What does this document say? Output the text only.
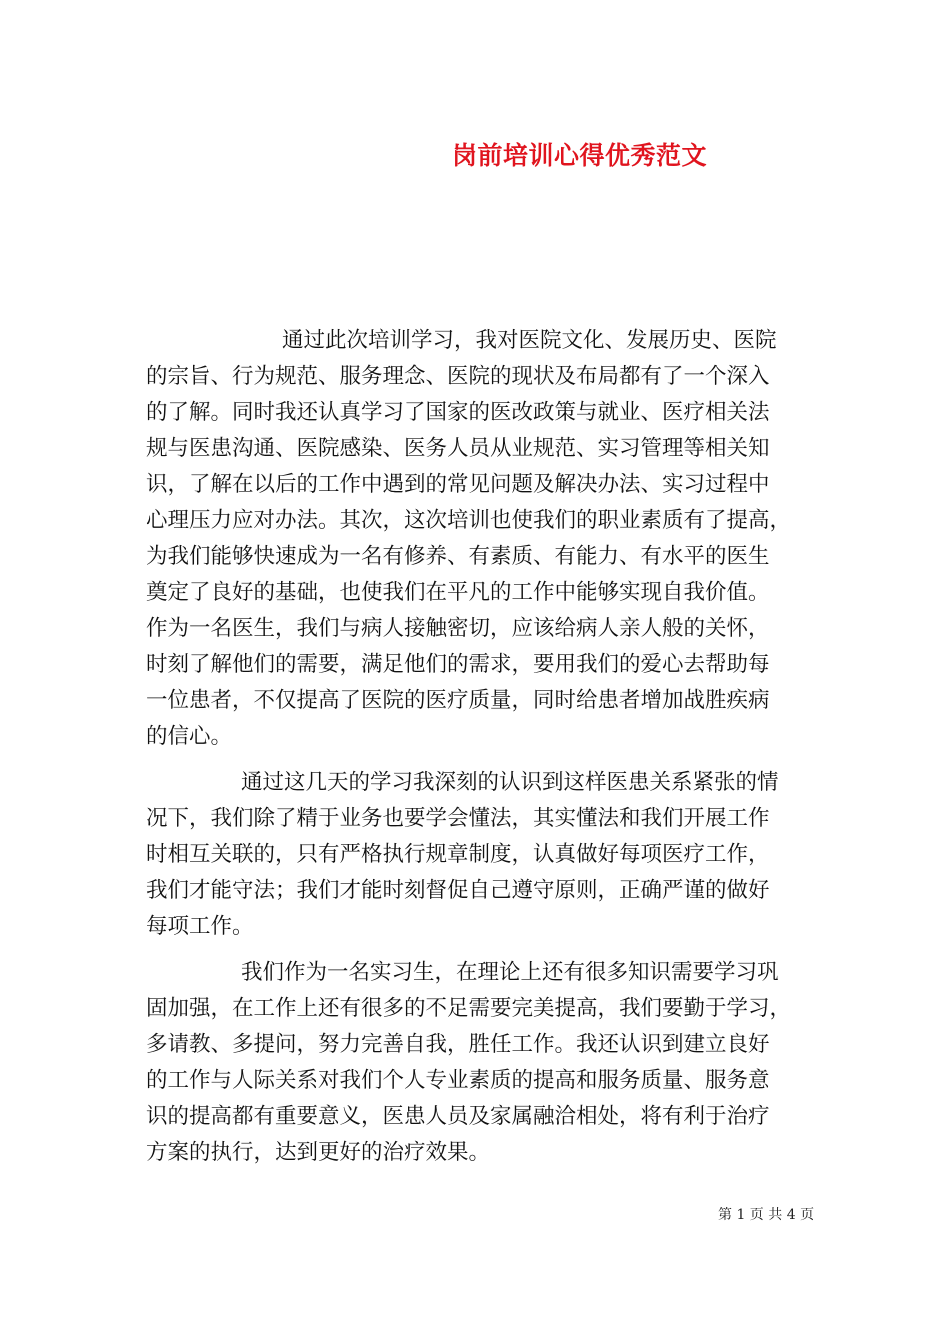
岗前培训心得优秀范文
通过此次培训学习，我对医院文化、发展历史、医院
的宗旨、行为规范、服务理念、医院的现状及布局都有了一个深入
的了解。同时我还认真学习了国家的医改政策与就业、医疗相关法
规与医患沟通、医院感染、医务人员从业规范、实习管理等相关知
识，了解在以后的工作中遇到的常见问题及解决办法、实习过程中
心理压力应对办法。其次，这次培训也使我们的职业素质有了提高，
为我们能够快速成为一名有修养、有素质、有能力、有水平的医生
奠定了良好的基础，也使我们在平凡的工作中能够实现自我价值。
作为一名医生，我们与病人接触密切，应该给病人亲人般的关怀，
时刻了解他们的需要，满足他们的需求，要用我们的爱心去帮助每
一位患者，不仅提高了医院的医疗质量，同时给患者增加战胜疾病
的信心。
通过这几天的学习我深刻的认识到这样医患关系紧张的情
况下，我们除了精于业务也要学会懂法，其实懂法和我们开展工作
时相互关联的，只有严格执行规章制度，认真做好每项医疗工作，
我们才能守法；我们才能时刻督促自己遵守原则，正确严谨的做好
每项工作。
我们作为一名实习生，在理论上还有很多知识需要学习巩
固加强，在工作上还有很多的不足需要完美提高，我们要勤于学习，
多请教、多提问，努力完善自我，胜任工作。我还认识到建立良好
的工作与人际关系对我们个人专业素质的提高和服务质量、服务意
识的提高都有重要意义，医患人员及家属融洽相处，将有利于治疗
方案的执行，达到更好的治疗效果。
第 1 页 共 4 页
